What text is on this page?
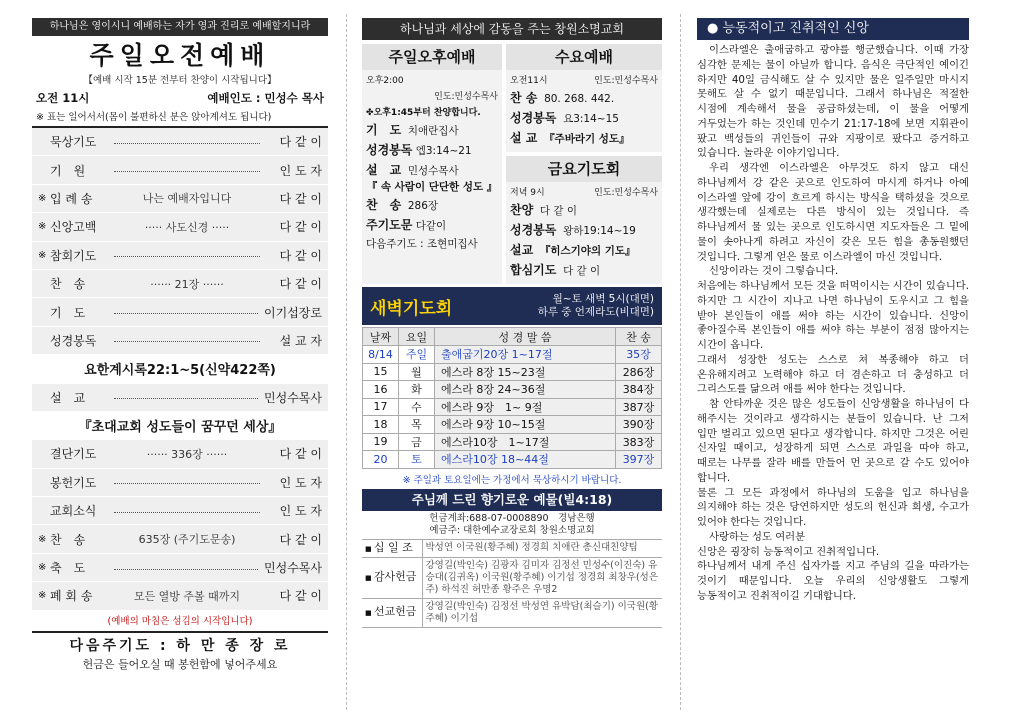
하나님은 영이시니 예배하는 자가 영과 진리로 예배할지니라
주일오전예배
【예배 시작 15분 전부터 찬양이 시작됩니다】
오전 11시	예배인도 : 민성수 목사
※ 표는 일어서서(몸이 불편하신 분은 앉아계셔도 됩니다)
묵상기도	다 같 이
기　원	인 도 자
※ 입 례 송	나는 예배자입니다	다 같 이
※ 신앙고백	····· 사도신경 ·····	다 같 이
※ 참회기도	다 같 이
찬　송	······ 21장 ······	다 같 이
기　도	이기섭장로
성경봉독	설 교 자
요한계시록22:1~5(신약422쪽)
설　교	민성수목사
『초대교회 성도들이 꿈꾸던 세상』
결단기도	······ 336장 ······	다 같 이
봉헌기도	인 도 자
교회소식	인 도 자
※ 찬　송	635장 (주기도문송)	다 같 이
※ 축　도	민성수목사
※ 폐 회 송	모든 열방 주볼 때까지	다 같 이
(예배의 마침은 섬김의 시작입니다)
다음주기도 : 하 만 종 장 로
헌금은 들어오실 때 봉헌함에 넣어주세요
하나님과 세상에 감동을 주는 창원소명교회
주일오후예배
오후2:00
인도:민성수목사
✤오후1:45부터 찬양합니다.
기　도 치애란집사
성경봉독 엡3:14~21
설　교 민성수목사
『 속 사람이 단단한 성도 』
찬　송 286장
주기도문 다같이
다음주기도 : 조현미집사
수요예배
오전11시	인도:민성수목사
찬 송 80. 268. 442.
성경봉독 요3:14~15
설 교 『주바라기 성도』
금요기도회
저녁 9시	인도:민성수목사
찬양 다 같 이
성경봉독 왕하19:14~19
설교 『히스기야의 기도』
합심기도 다 같 이
새벽기도회	월~토 새벽 5시(대면)
하루 중 언제라도(비대면)
날짜	요일	성 경 말 씀	찬 송
8/14	주일	출애굽기20장 1~17절	35장
15	월	에스라 8장 15~23절	286장
16	화	에스라 8장 24~36절	384장
17	수	에스라 9장　1~ 9절	387장
18	목	에스라 9장 10~15절	390장
19	금	에스라10장　1~17절	383장
20	토	에스라10장 18~44절	397장
※ 주일과 토요일에는 가정에서 묵상하시기 바랍니다.
주님께 드린 향기로운 예물(빌4:18)
헌금계좌:688-07-0008890　경남은행
예금주: 대한예수교장로회 창원소명교회
■ 십 일 조	박성연 이국원(황주혜) 정경희 치애란 총신대친양팀
■ 감사헌금	강영길(박인숙) 김광자 김미자 김정선 민성수(이진숙) 유승대(김귀옥) 이국원(황주혜) 이기섭 정경희 최창우(성은주) 하석진 허만종 황주은 우명2
■ 선교헌금	강영길(박인숙) 김정선 박성연 유박담(최슬기) 이국원(황주혜) 이기섭
● 능동적이고 진취적인 신앙

이스라엘은 출애굽하고 광야를 행군했습니다. 이때 가장 심각한 문제는 물이 아닐까 합니다. 음식은 극단적인 예이긴 하지만 40일 금식해도 살 수 있지만 물은 일주일만 마시지 못해도 살 수 없기 때문입니다. 그래서 하나님은 적절한 시점에 계속해서 물을 공급하셨는데, 이 물을 어떻게 거두었는가 하는 것인데 민수기 21:17-18에 보면 지휘관이 팠고 백성들의 귀인들이 규와 지팡이로 팠다고 증거하고 있습니다. 놀라운 이야기입니다.

우리 생각엔 이스라엘은 아무것도 하지 않고 대신 하나님께서 강 같은 곳으로 인도하여 마시게 하거나 아예 이스라엘 앞에 강이 흐르게 하시는 방식을 택하셨을 것으로 생각했는데 실제로는 다른 방식이 있는 것입니다. 즉 하나님께서 물 있는 곳으로 인도하시면 지도자들은 그 밑에 물이 솟아나게 하려고 자신이 갖은 모든 힘을 총동원했던 것입니다. 그렇게 얻은 물로 이스라엘이 마신 것입니다.

신앙이라는 것이 그렇습니다.

처음에는 하나님께서 모든 것을 떠먹이시는 시간이 있습니다. 하지만 그 시간이 지나고 나면 하나님이 도우시고 그 힘을 받아 본인들이 애를 써야 하는 시간이 있습니다. 신앙이 좋아질수록 본인들이 애를 써야 하는 부분이 점점 많아지는 시간이 옵니다.

그래서 성장한 성도는 스스로 쳐 복종해야 하고 더 온유해지려고 노력해야 하고 더 겸손하고 더 충성하고 더 그리스도를 닮으려 애를 써야 한다는 것입니다.

참 안타까운 것은 많은 성도들이 신앙생활을 하나님이 다 해주시는 것이라고 생각하시는 분들이 있습니다. 난 그저 입만 벌리고 있으면 된다고 생각합니다. 하지만 그것은 어린 신자일 때이고, 성장하게 되면 스스로 과일을 따야 하고, 때로는 나무를 잘라 배를 만들어 먼 곳으로 갈 수도 있어야 합니다.

물론 그 모든 과정에서 하나님의 도움을 입고 하나님을 의지해야 하는 것은 당연하지만 성도의 헌신과 희생, 수고가 있어야 한다는 것입니다.

사랑하는 성도 여러분

신앙은 굉장히 능동적이고 진취적입니다.

하나님께서 내게 주신 십자가를 지고 주님의 길을 따라가는 것이기 때문입니다. 오늘 우리의 신앙생활도 그렇게 능동적이고 진취적이길 기대합니다.
